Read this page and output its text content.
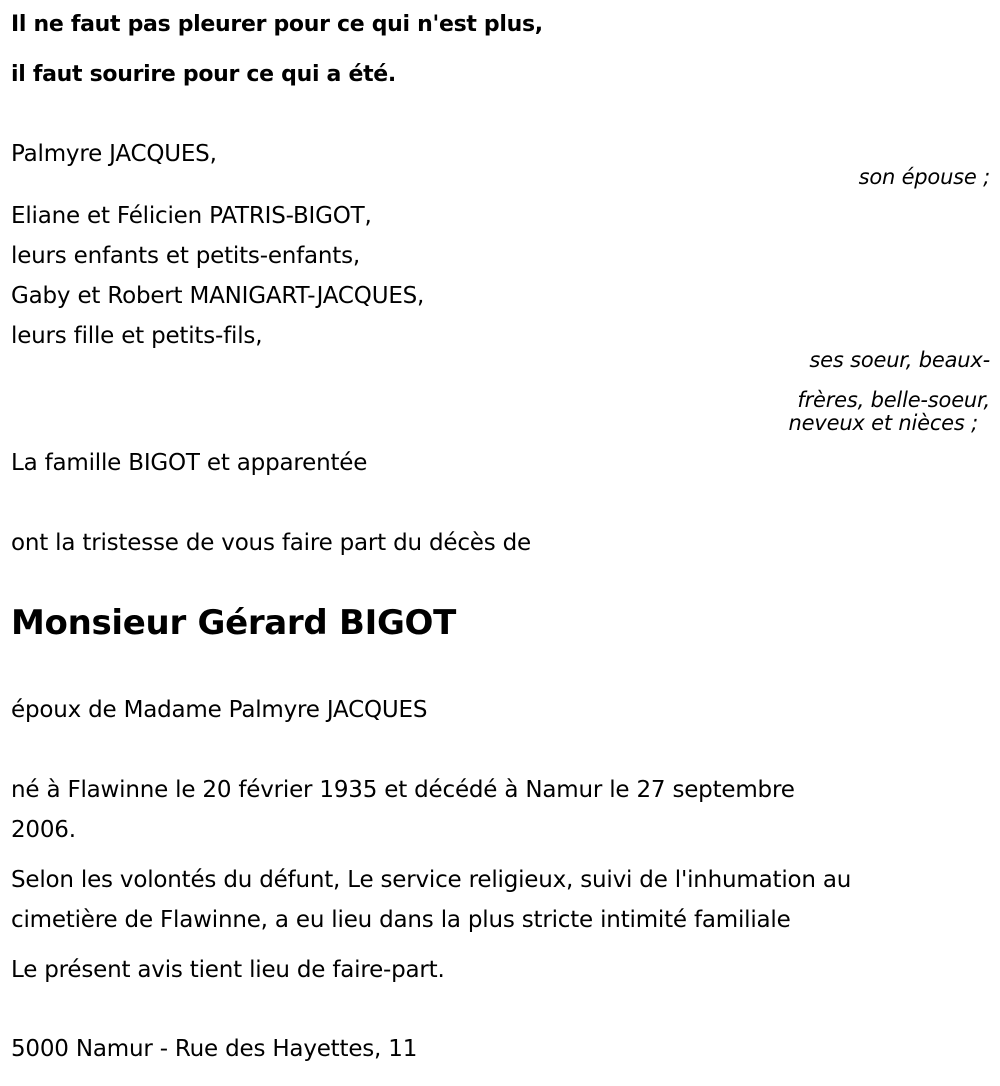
Il ne faut pas pleurer pour ce qui n'est plus,
il faut sourire pour ce qui a été.
Palmyre JACQUES,
son épouse ;
Eliane et Félicien PATRIS-BIGOT,
leurs enfants et petits-enfants,
Gaby et Robert MANIGART-JACQUES,
leurs fille et petits-fils,
ses soeur, beaux-
frères, belle-soeur,
neveux et nièces ;
La famille BIGOT et apparentée
ont la tristesse de vous faire part du décès de
Monsieur Gérard BIGOT
époux de Madame Palmyre JACQUES
né à Flawinne le 20 février 1935 et décédé à Namur le 27 septembre
2006.
Selon les volontés du défunt, Le service religieux, suivi de l'inhumation au
cimetière de Flawinne, a eu lieu dans la plus stricte intimité familiale
Le présent avis tient lieu de faire-part.
5000 Namur - Rue des Hayettes, 11
